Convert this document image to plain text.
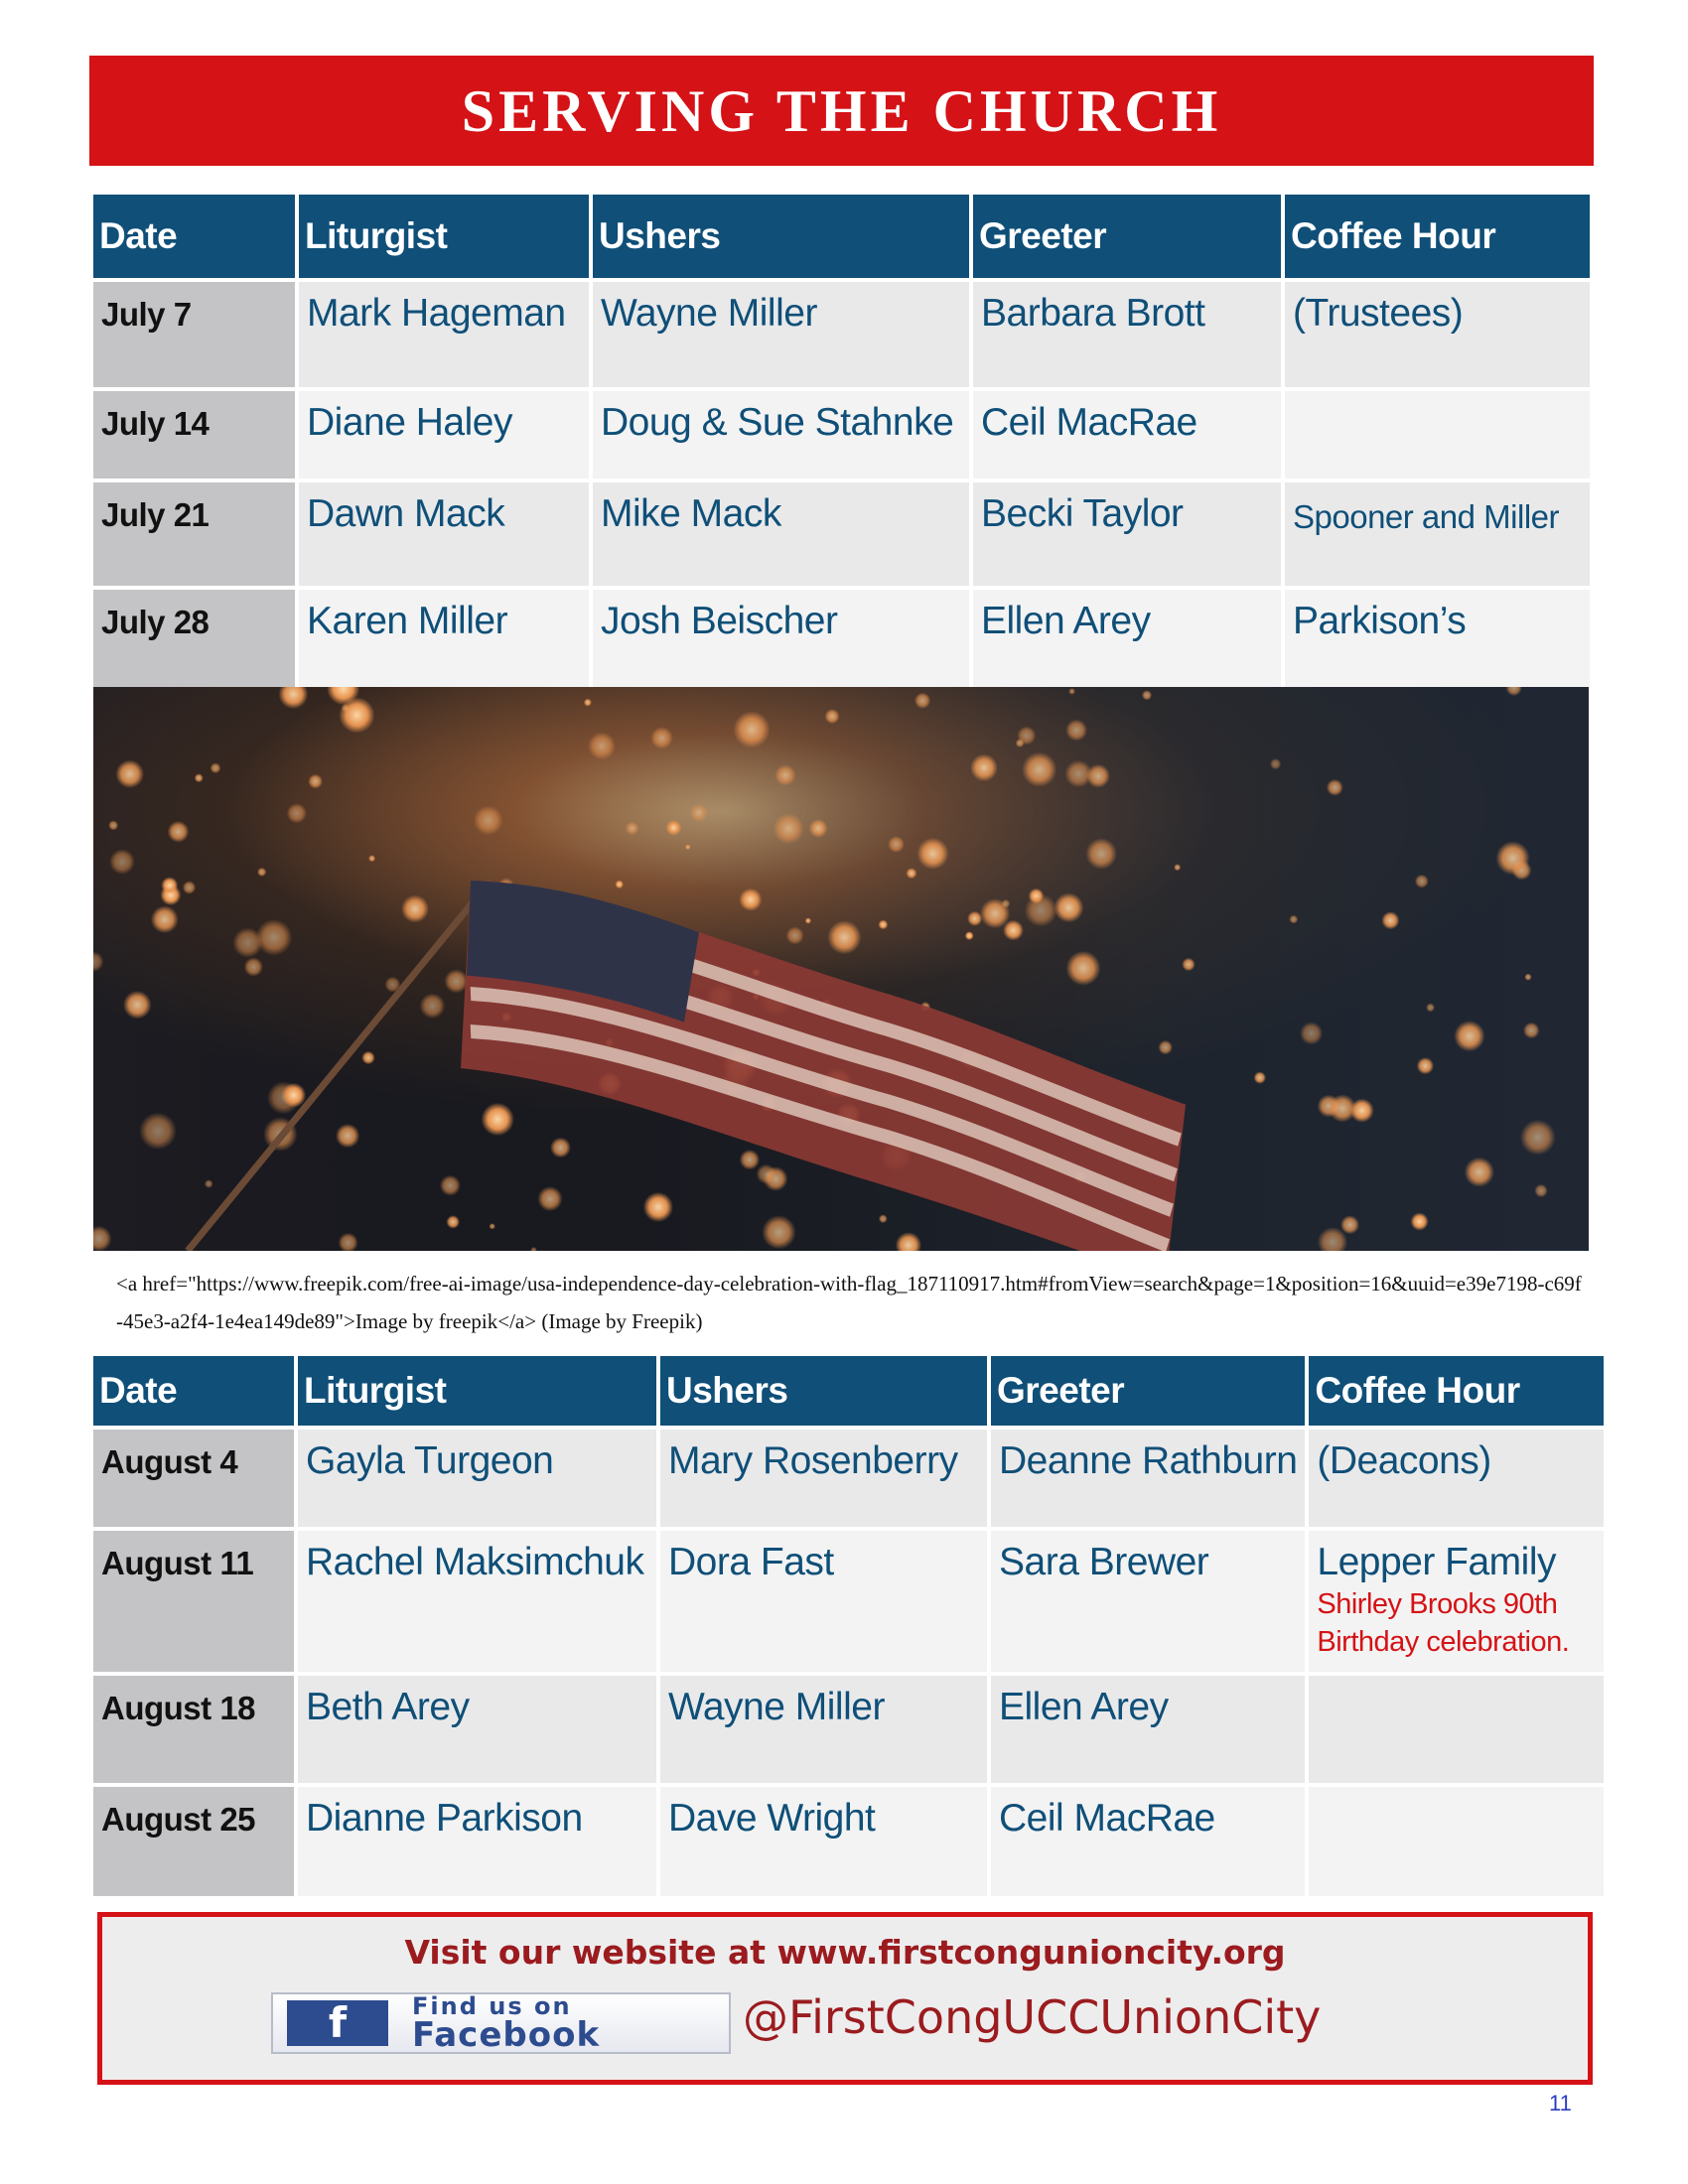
SERVING THE CHURCH
Date	Liturgist	Ushers	Greeter	Coffee Hour
July 7	Mark Hageman	Wayne Miller	Barbara Brott	(Trustees)
July 14	Diane Haley	Doug & Sue Stahnke	Ceil MacRae	
July 21	Dawn Mack	Mike Mack	Becki Taylor	Spooner and Miller
July 28	Karen Miller	Josh Beischer	Ellen Arey	Parkison’s
<a href="https://www.freepik.com/free-ai-image/usa-independence-day-celebration-with-flag_187110917.htm#fromView=search&page=1&position=16&uuid=e39e7198-c69f-45e3-a2f4-1e4ea149de89">Image by freepik</a> (Image by Freepik)
Date	Liturgist	Ushers	Greeter	Coffee Hour
August 4	Gayla Turgeon	Mary Rosenberry	Deanne Rathburn	(Deacons)
August 11	Rachel Maksimchuk	Dora Fast	Sara Brewer	Lepper Family
Shirley Brooks 90th Birthday celebration.

August 18	Beth Arey	Wayne Miller	Ellen Arey	
August 25	Dianne Parkison	Dave Wright	Ceil MacRae	
Visit our website at www.firstcongunioncity.org
f	Find us on
Facebook	@FirstCongUCCUnionCity
11
